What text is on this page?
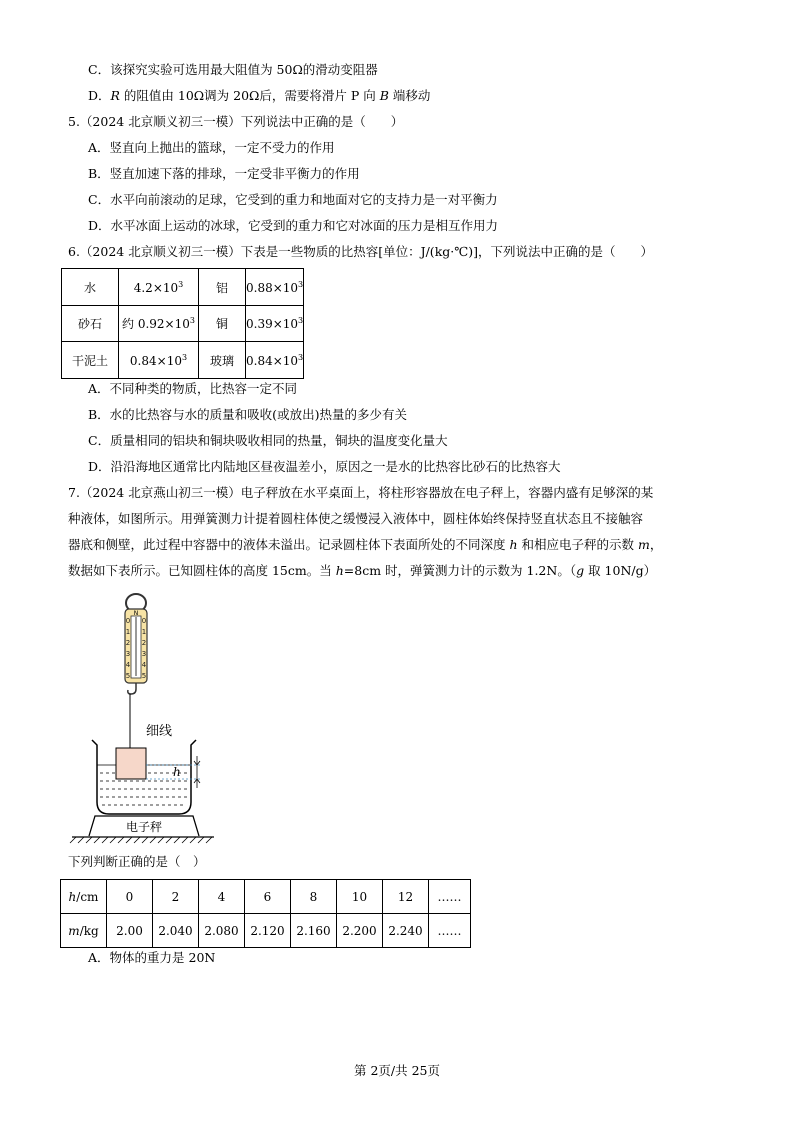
C．该探究实验可选用最大阻值为 50Ω的滑动变阻器
D．R 的阻值由 10Ω调为 20Ω后，需要将滑片 P 向 B 端移动
5.（2024 北京顺义初三一模）下列说法中正确的是（　　）
A．竖直向上抛出的篮球，一定不受力的作用
B．竖直加速下落的排球，一定受非平衡力的作用
C．水平向前滚动的足球，它受到的重力和地面对它的支持力是一对平衡力
D．水平冰面上运动的冰球，它受到的重力和它对冰面的压力是相互作用力
6.（2024 北京顺义初三一模）下表是一些物质的比热容[单位：J/(kg·℃)]，下列说法中正确的是（　　）
水	$4.2\times 10^3$	铝	$0.88\times 10^3$
砂石	约 $0.92\times 10^3$	铜	$0.39\times 10^3$
干泥土	$0.84\times 10^3$	玻璃	$0.84\times 10^3$
A．不同种类的物质，比热容一定不同
B．水的比热容与水的质量和吸收(或放出)热量的多少有关
C．质量相同的铝块和铜块吸收相同的热量，铜块的温度变化量大
D．沿沿海地区通常比内陆地区昼夜温差小，原因之一是水的比热容比砂石的比热容大
7.（2024 北京燕山初三一模）电子秤放在水平桌面上，将柱形容器放在电子秤上，容器内盛有足够深的某
种液体，如图所示。用弹簧测力计提着圆柱体使之缓慢浸入液体中，圆柱体始终保持竖直状态且不接触容
器底和侧壁，此过程中容器中的液体未溢出。记录圆柱体下表面所处的不同深度 h 和相应电子秤的示数 m，
数据如下表所示。已知圆柱体的高度 15cm。当 h=8cm 时，弹簧测力计的示数为 1.2N。（g 取 10N/g）
N
0
1
2
3
4
5
0
1
2
3
4
5
细线
h
电子秤
下列判断正确的是（　）
h/cm	0	2	4	6	8	10	12	……
m/kg	2.00	2.040	2.080	2.120	2.160	2.200	2.240	……
A．物体的重力是 20N
第 2页/共 25页
